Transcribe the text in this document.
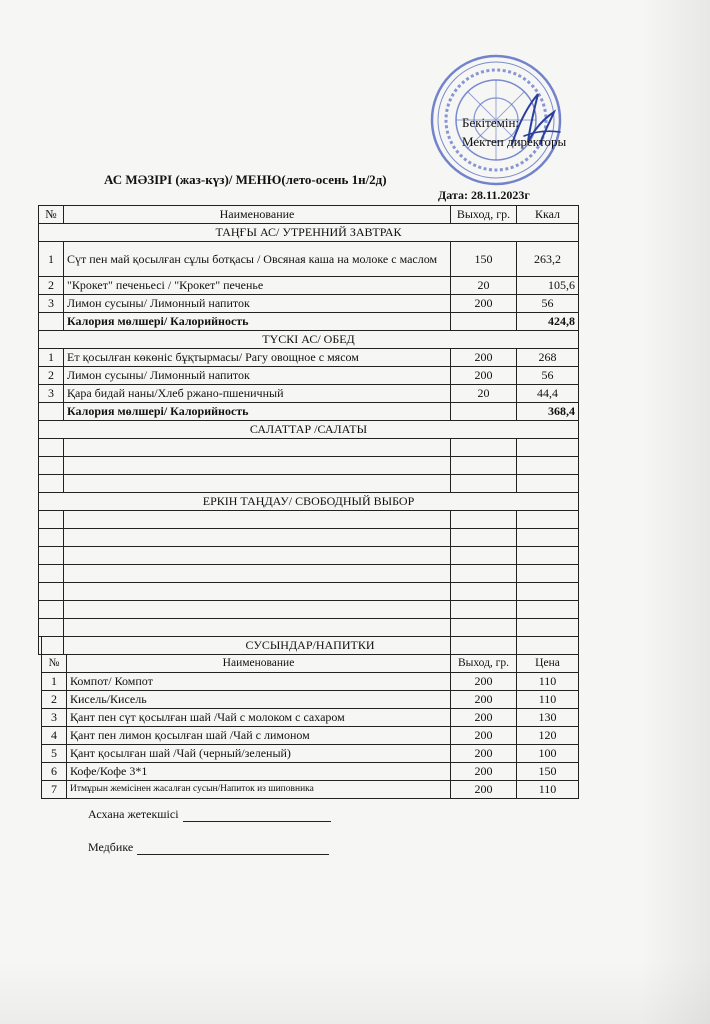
Бекітемін:
Мектеп директоры
АС МӘЗІРІ (жаз-күз)/ МЕНЮ(лето-осень 1н/2д)
Дата: 28.11.2023г
№	Наименование	Выход, гр.	Ккал
ТАҢҒЫ АС/ УТРЕННИЙ ЗАВТРАК			
1	Сүт пен май қосылған сұлы ботқасы / Овсяная каша на молоке с маслом	150	263,2
2	"Крокет" печеньесі / "Крокет" печенье	20	105,6
3	Лимон сусыны/ Лимонный напиток	200	56
	Калория мөлшері/ Калорийность		424,8
ТҮСКІ АС/ ОБЕД			
1	Ет қосылған көкөніс бұқтырмасы/ Рагу овощное с мясом	200	268
2	Лимон сусыны/ Лимонный напиток	200	56
3	Қара бидай наны/Хлеб ржано-пшеничный	20	44,4
	Калория мөлшері/ Калорийность		368,4
САЛАТТАР /САЛАТЫ			

ЕРКІН ТАҢДАУ/ СВОБОДНЫЙ ВЫБОР			

СУСЫНДАР/НАПИТКИ			
№	Наименование	Выход, гр.	Цена
1	Компот/ Компот	200	110
2	Кисель/Кисель	200	110
3	Қант пен сүт қосылған шай /Чай с молоком с сахаром	200	130
4	Қант пен лимон қосылған шай /Чай с лимоном	200	120
5	Қант қосылған шай /Чай (черный/зеленый)	200	100
6	Кофе/Кофе 3*1	200	150
7	Итмұрын жемісінен жасалған сусын/Напиток из шиповника	200	110
Асхана жетекшісі
Медбике
